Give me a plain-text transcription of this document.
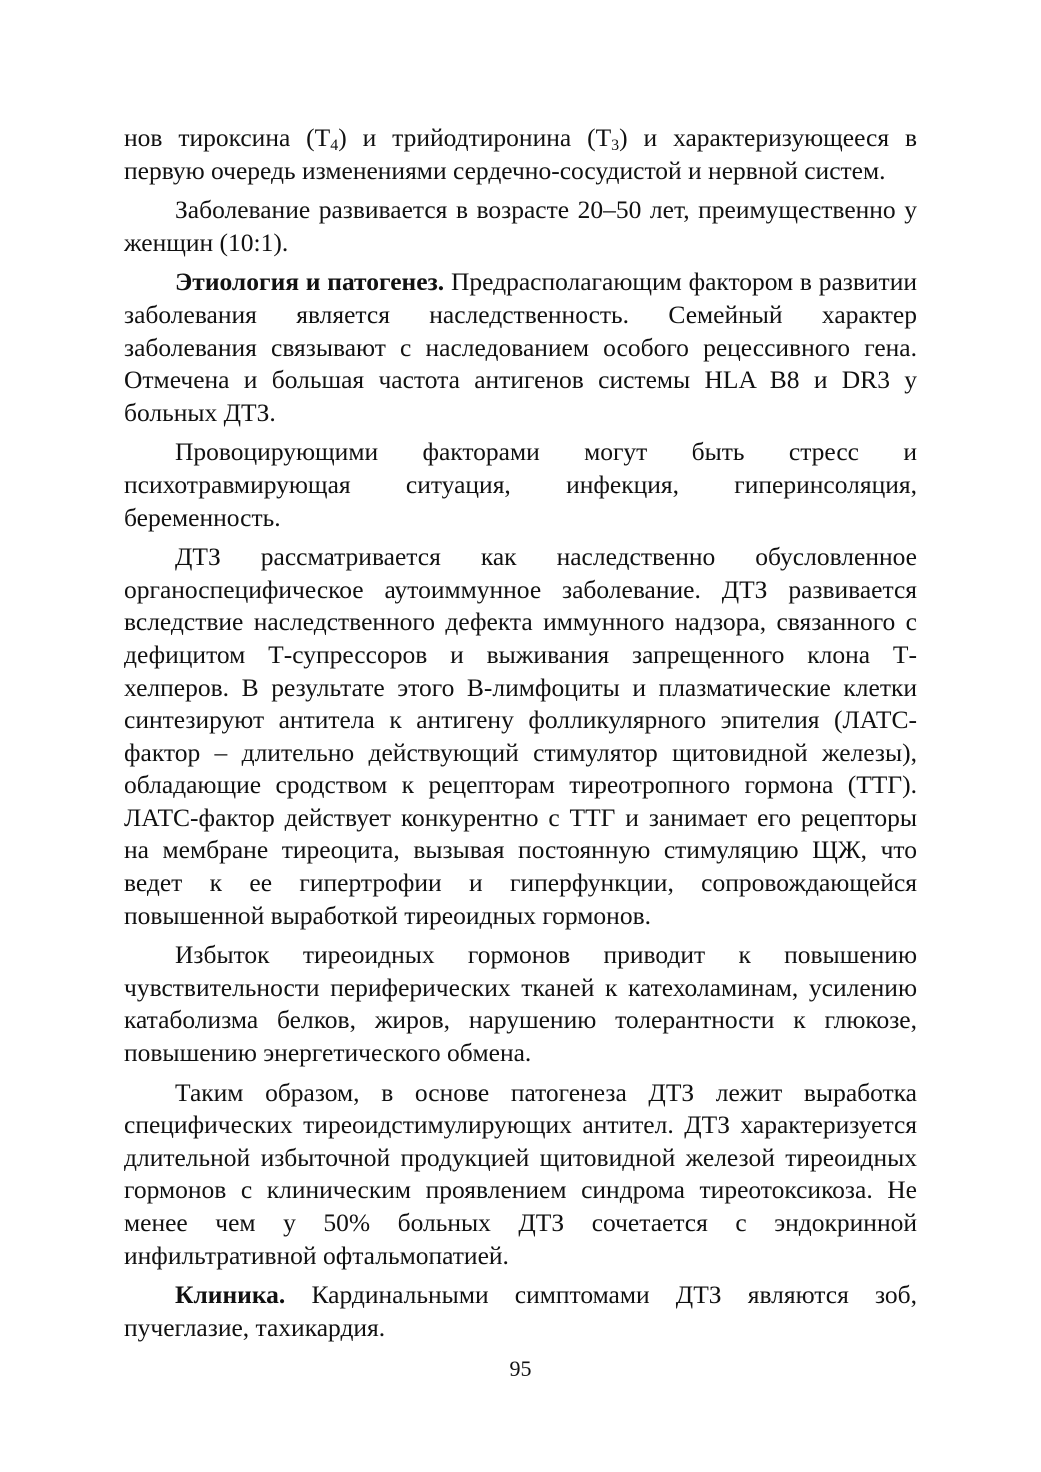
нов тироксина $(Т_4)$ и трийодтиронина $(Т_3)$ и характеризующееся в первую очередь изменениями сердечно-сосудистой и нервной систем.

Заболевание развивается в возрасте 20–50 лет, преимущественно у женщин (10:1).

Этиология и патогенез. Предрасполагающим фактором в развитии заболевания является наследственность. Семейный характер заболевания связывают с наследованием особого рецессивного гена. Отмечена и большая частота антигенов системы HLA В8 и DR3 у больных ДТЗ.

Провоцирующими факторами могут быть стресс и психотравмирующая ситуация, инфекция, гиперинсоляция, беременность.

ДТЗ рассматривается как наследственно обусловленное органоспецифическое аутоиммунное заболевание. ДТЗ развивается вследствие наследственного дефекта иммунного надзора, связанного с дефицитом Т-супрессоров и выживания запрещенного клона Т-хелперов. В результате этого В-лимфоциты и плазматические клетки синтезируют антитела к антигену фолликулярного эпителия (ЛАТС-фактор – длительно действующий стимулятор щитовидной железы), обладающие сродством к рецепторам тиреотропного гормона (ТТГ). ЛАТС-фактор действует конкурентно с ТТГ и занимает его рецепторы на мембране тиреоцита, вызывая постоянную стимуляцию ЩЖ, что ведет к ее гипертрофии и гиперфункции, сопровождающейся повышенной выработкой тиреоидных гормонов.

Избыток тиреоидных гормонов приводит к повышению чувствительности периферических тканей к катехоламинам, усилению катаболизма белков, жиров, нарушению толерантности к глюкозе, повышению энергетического обмена.

Таким образом, в основе патогенеза ДТЗ лежит выработка специфических тиреоидстимулирующих антител. ДТЗ характеризуется длительной избыточной продукцией щитовидной железой тиреоидных гормонов с клиническим проявлением синдрома тиреотоксикоза. Не менее чем у 50% больных ДТЗ сочетается с эндокринной инфильтративной офтальмопатией.

Клиника. Кардинальными симптомами ДТЗ являются зоб, пучеглазие, тахикардия.

95
